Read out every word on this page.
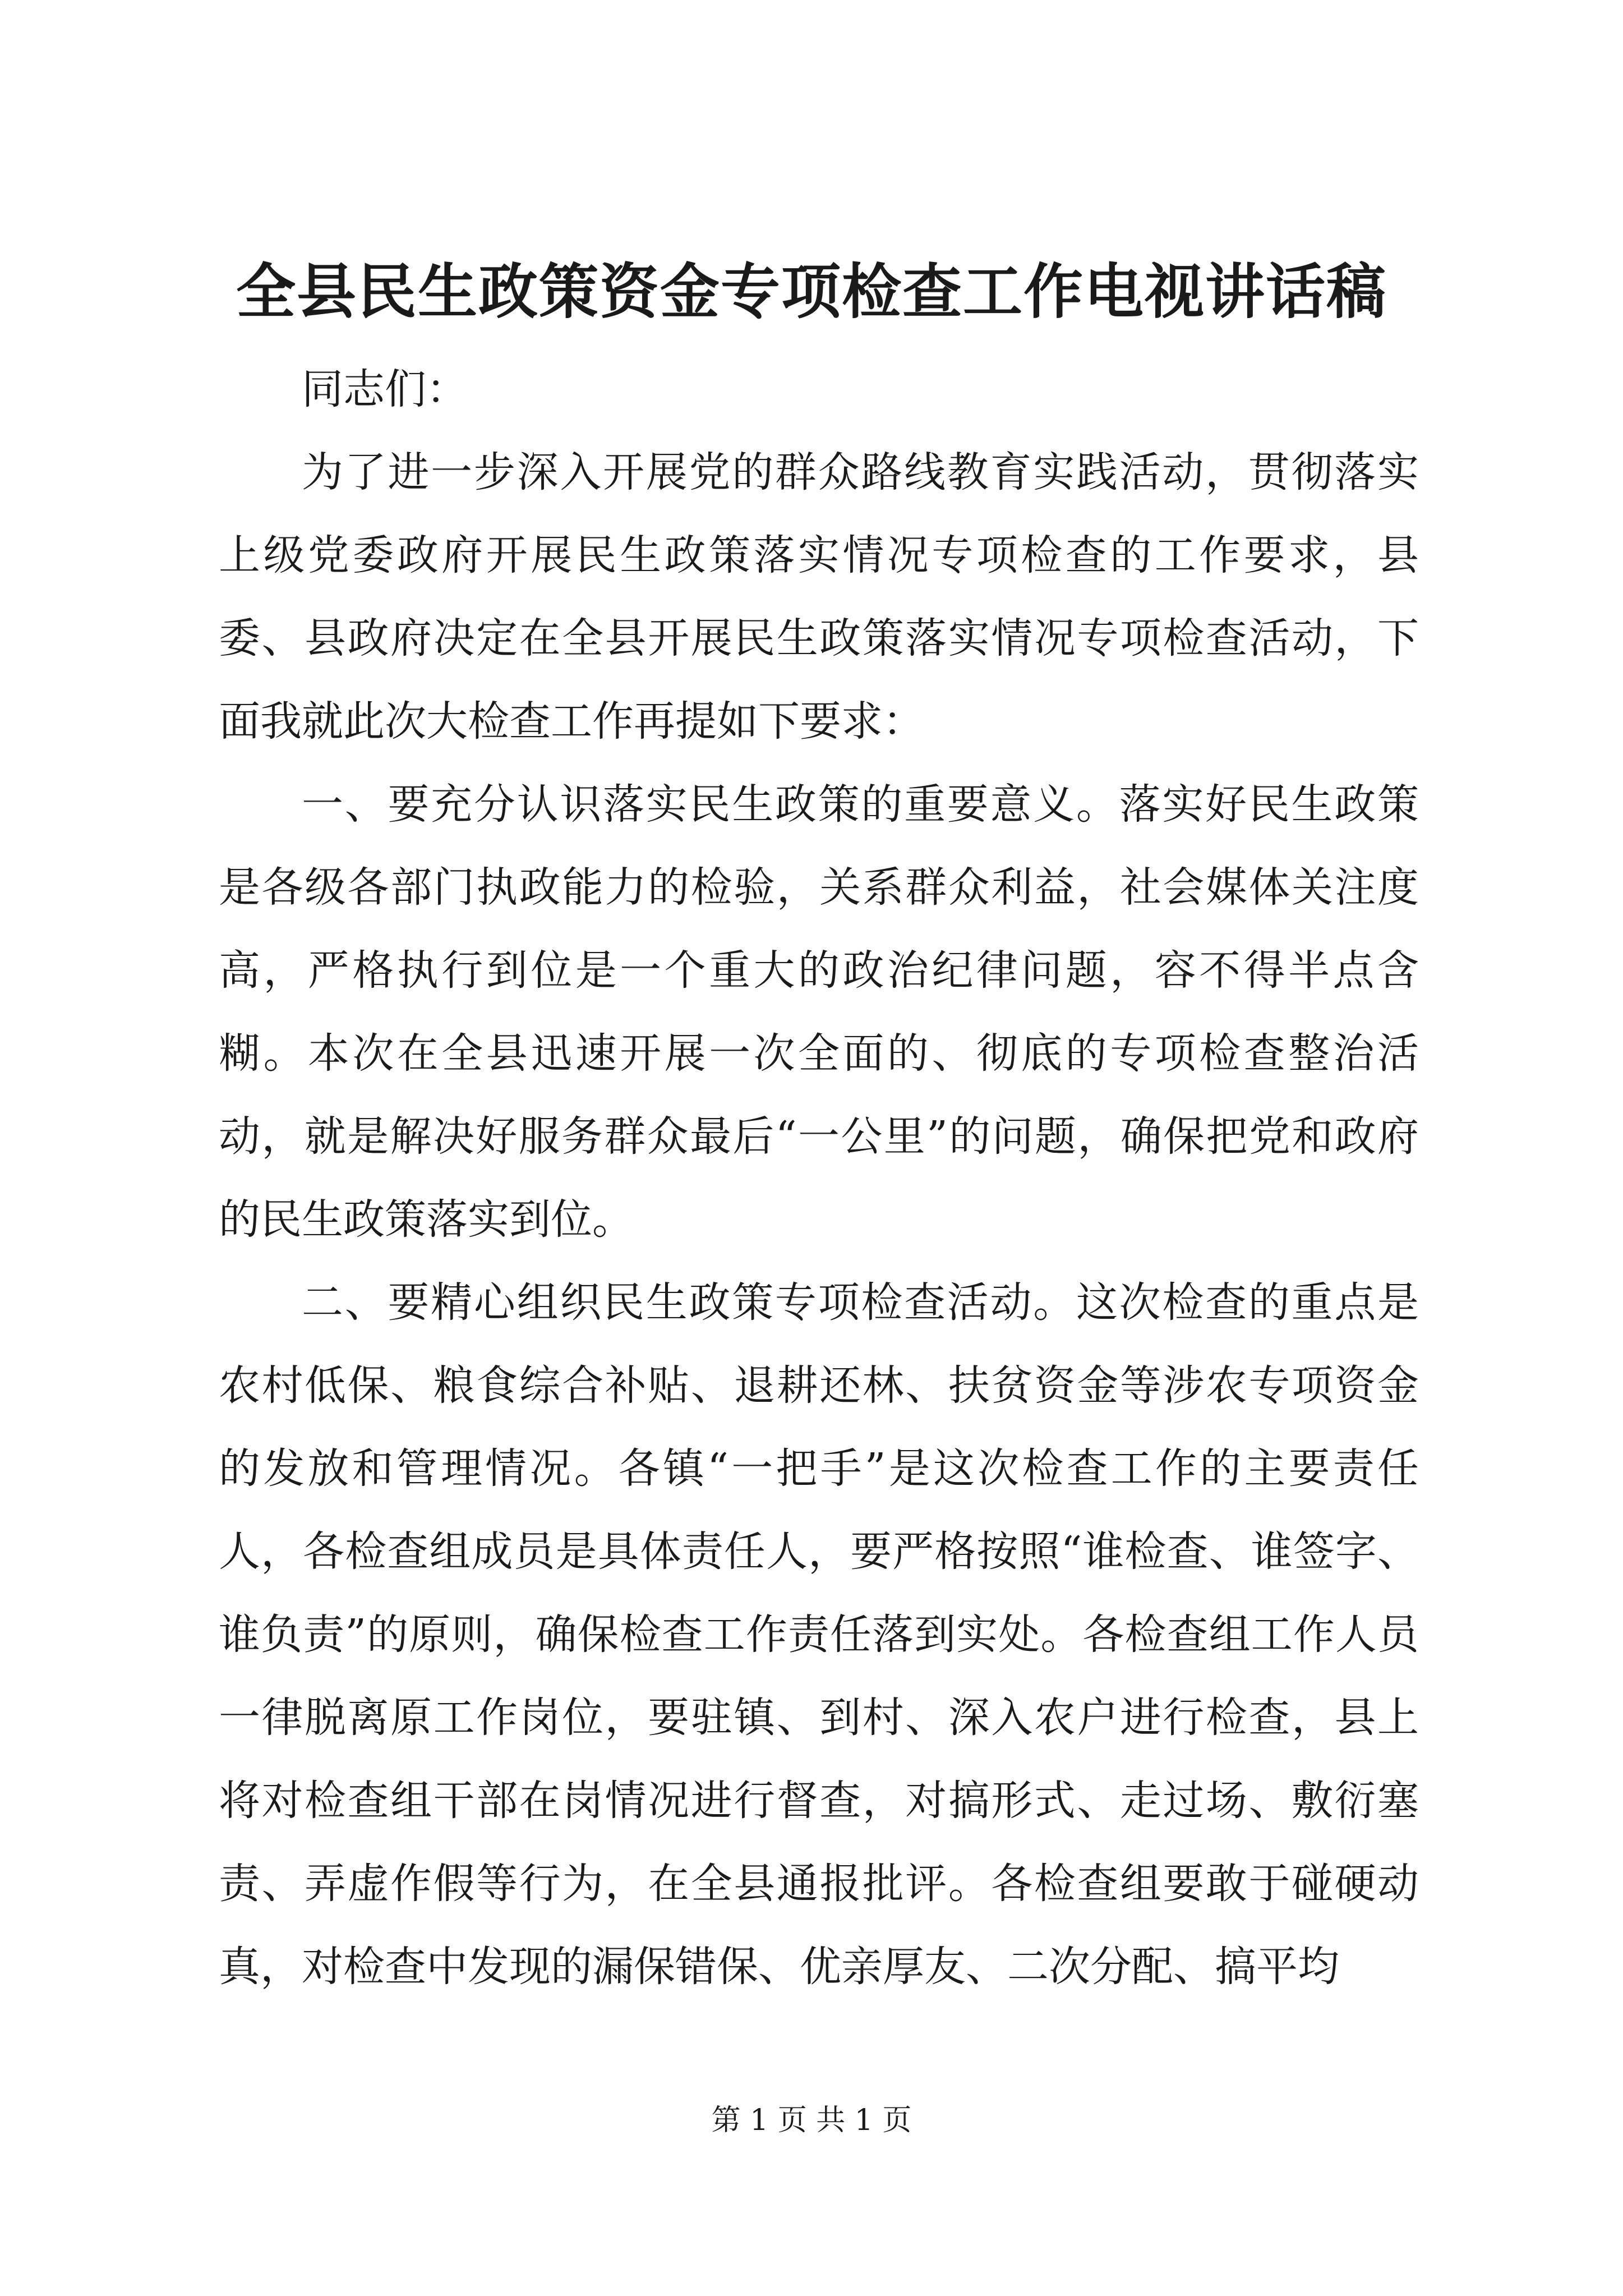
全县民生政策资金专项检查工作电视讲话稿

同志们：

为了进一步深入开展党的群众路线教育实践活动，贯彻落实上级党委政府开展民生政策落实情况专项检查的工作要求，县委、县政府决定在全县开展民生政策落实情况专项检查活动，下面我就此次大检查工作再提如下要求：

一、要充分认识落实民生政策的重要意义。落实好民生政策是各级各部门执政能力的检验，关系群众利益，社会媒体关注度高，严格执行到位是一个重大的政治纪律问题，容不得半点含糊。本次在全县迅速开展一次全面的、彻底的专项检查整治活动，就是解决好服务群众最后“一公里”的问题，确保把党和政府的民生政策落实到位。

二、要精心组织民生政策专项检查活动。这次检查的重点是农村低保、粮食综合补贴、退耕还林、扶贫资金等涉农专项资金的发放和管理情况。各镇“一把手”是这次检查工作的主要责任人，各检查组成员是具体责任人，要严格按照“谁检查、谁签字、谁负责”的原则，确保检查工作责任落到实处。各检查组工作人员一律脱离原工作岗位，要驻镇、到村、深入农户进行检查，县上将对检查组干部在岗情况进行督查，对搞形式、走过场、敷衍塞责、弄虚作假等行为，在全县通报批评。各检查组要敢于碰硬动真，对检查中发现的漏保错保、优亲厚友、二次分配、搞平均

第 1 页 共 1 页
